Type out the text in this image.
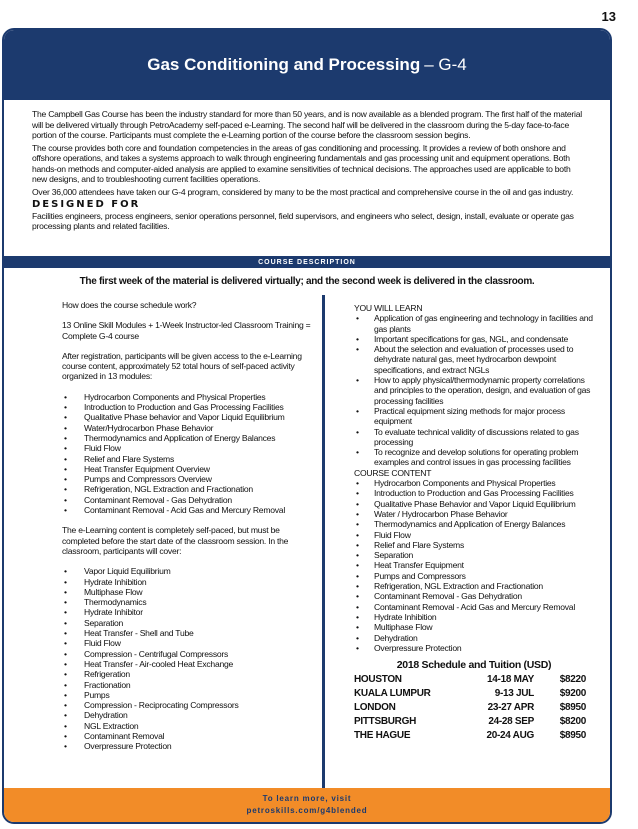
13
Gas Conditioning and Processing – G-4

The Campbell Gas Course has been the industry standard for more than 50 years, and is now available as a blended program. The first half of the material will be delivered virtually through PetroAcademy self-paced e-Learning. The second half will be delivered in the classroom during the 5-day face-to-face portion of the course. Participants must complete the e-Learning portion of the course before the classroom session begins.

The course provides both core and foundation competencies in the areas of gas conditioning and processing. It provides a review of both onshore and offshore operations, and takes a systems approach to walk through engineering fundamentals and gas processing unit and equipment operations. Both hands-on methods and computer-aided analysis are applied to examine sensitivities of technical decisions. The approaches used are applicable to both new designs, and to troubleshooting current facilities operations.

Over 36,000 attendees have taken our G-4 program, considered by many to be the most practical and comprehensive course in the oil and gas industry.

DESIGNED FOR
Facilities engineers, process engineers, senior operations personnel, field supervisors, and engineers who select, design, install, evaluate or operate gas processing plants and related facilities.
COURSE DESCRIPTION
The first week of the material is delivered virtually; and the second week is delivered in the classroom.
How does the course schedule work?
13 Online Skill Modules + 1-Week Instructor-led Classroom Training = Complete G-4 course
After registration, participants will be given access to the e-Learning course content, approximately 52 total hours of self-paced activity organized in 13 modules:
• Hydrocarbon Components and Physical Properties
• Introduction to Production and Gas Processing Facilities
• Qualitative Phase behavior and Vapor Liquid Equilibrium
• Water/Hydrocarbon Phase Behavior
• Thermodynamics and Application of Energy Balances
• Fluid Flow
• Relief and Flare Systems
• Heat Transfer Equipment Overview
• Pumps and Compressors Overview
• Refrigeration, NGL Extraction and Fractionation
• Contaminant Removal - Gas Dehydration
• Contaminant Removal - Acid Gas and Mercury Removal
The e-Learning content is completely self-paced, but must be completed before the start date of the classroom session. In the classroom, participants will cover:
• Vapor Liquid Equilibrium
• Hydrate Inhibition
• Multiphase Flow
• Thermodynamics
• Hydrate Inhibitor
• Separation
• Heat Transfer - Shell and Tube
• Fluid Flow
• Compression - Centrifugal Compressors
• Heat Transfer - Air-cooled Heat Exchange
• Refrigeration
• Fractionation
• Pumps
• Compression - Reciprocating Compressors
• Dehydration
• NGL Extraction
• Contaminant Removal
• Overpressure Protection
YOU WILL LEARN
• Application of gas engineering and technology in facilities and gas plants
• Important specifications for gas, NGL, and condensate
• About the selection and evaluation of processes used to dehydrate natural gas, meet hydrocarbon dewpoint specifications, and extract NGLs
• How to apply physical/thermodynamic property correlations and principles to the operation, design, and evaluation of gas processing facilities
• Practical equipment sizing methods for major process equipment
• To evaluate technical validity of discussions related to gas processing
• To recognize and develop solutions for operating problem examples and control issues in gas processing facilities
COURSE CONTENT
• Hydrocarbon Components and Physical Properties
• Introduction to Production and Gas Processing Facilities
• Qualitative Phase Behavior and Vapor Liquid Equilibrium
• Water / Hydrocarbon Phase Behavior
• Thermodynamics and Application of Energy Balances
• Fluid Flow
• Relief and Flare Systems
• Separation
• Heat Transfer Equipment
• Pumps and Compressors
• Refrigeration, NGL Extraction and Fractionation
• Contaminant Removal - Gas Dehydration
• Contaminant Removal - Acid Gas and Mercury Removal
• Hydrate Inhibition
• Multiphase Flow
• Dehydration
• Overpressure Protection
2018 Schedule and Tuition (USD)
HOUSTON	14-18 MAY	$8220
KUALA LUMPUR	9-13 JUL	$9200
LONDON	23-27 APR	$8950
PITTSBURGH	24-28 SEP	$8200
THE HAGUE	20-24 AUG	$8950
To learn more, visit
petroskills.com/g4blended
